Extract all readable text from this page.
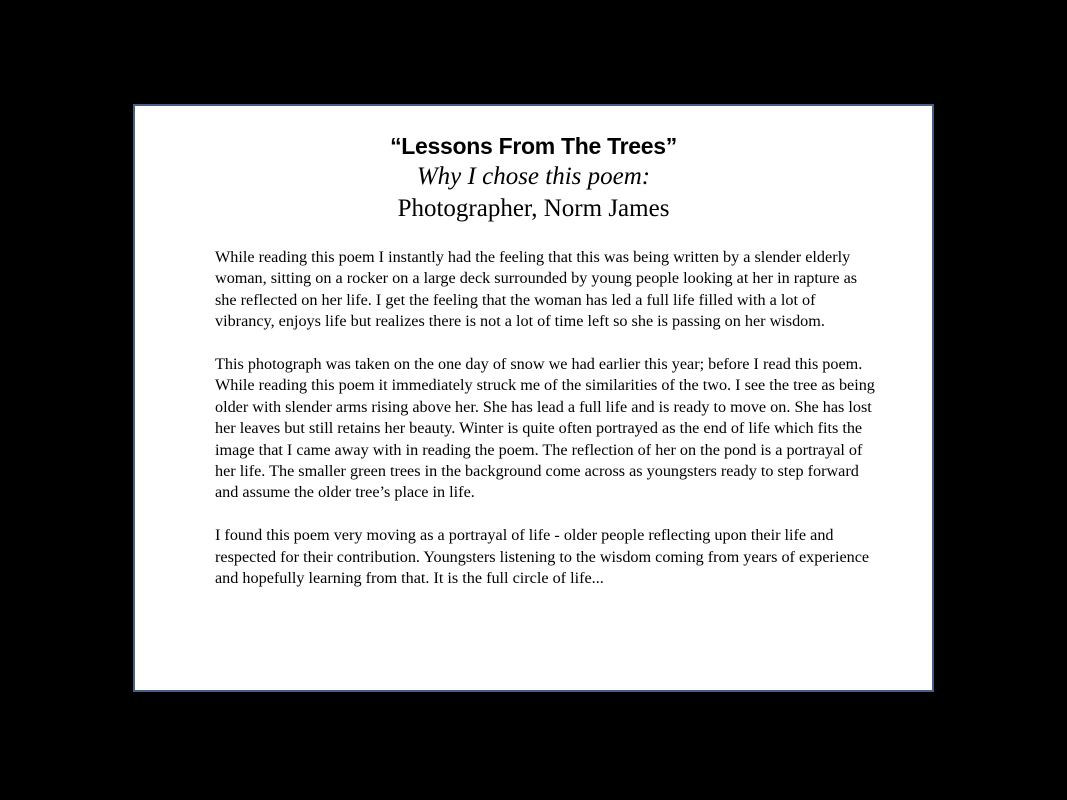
“Lessons From The Trees”
Why I chose this poem:
Photographer, Norm James

While reading this poem I instantly had the feeling that this was being written by a slender elderly woman, sitting on a rocker on a large deck surrounded by young people looking at her in rapture as she reflected on her life. I get the feeling that the woman has led a full life filled with a lot of vibrancy, enjoys life but realizes there is not a lot of time left so she is passing on her wisdom.

This photograph was taken on the one day of snow we had earlier this year; before I read this poem. While reading this poem it immediately struck me of the similarities of the two. I see the tree as being older with slender arms rising above her. She has lead a full life and is ready to move on. She has lost her leaves but still retains her beauty. Winter is quite often portrayed as the end of life which fits the image that I came away with in reading the poem. The reflection of her on the pond is a portrayal of her life. The smaller green trees in the background come across as youngsters ready to step forward and assume the older tree’s place in life.

I found this poem very moving as a portrayal of life - older people reflecting upon their life and respected for their contribution. Youngsters listening to the wisdom coming from years of experience and hopefully learning from that. It is the full circle of life...
